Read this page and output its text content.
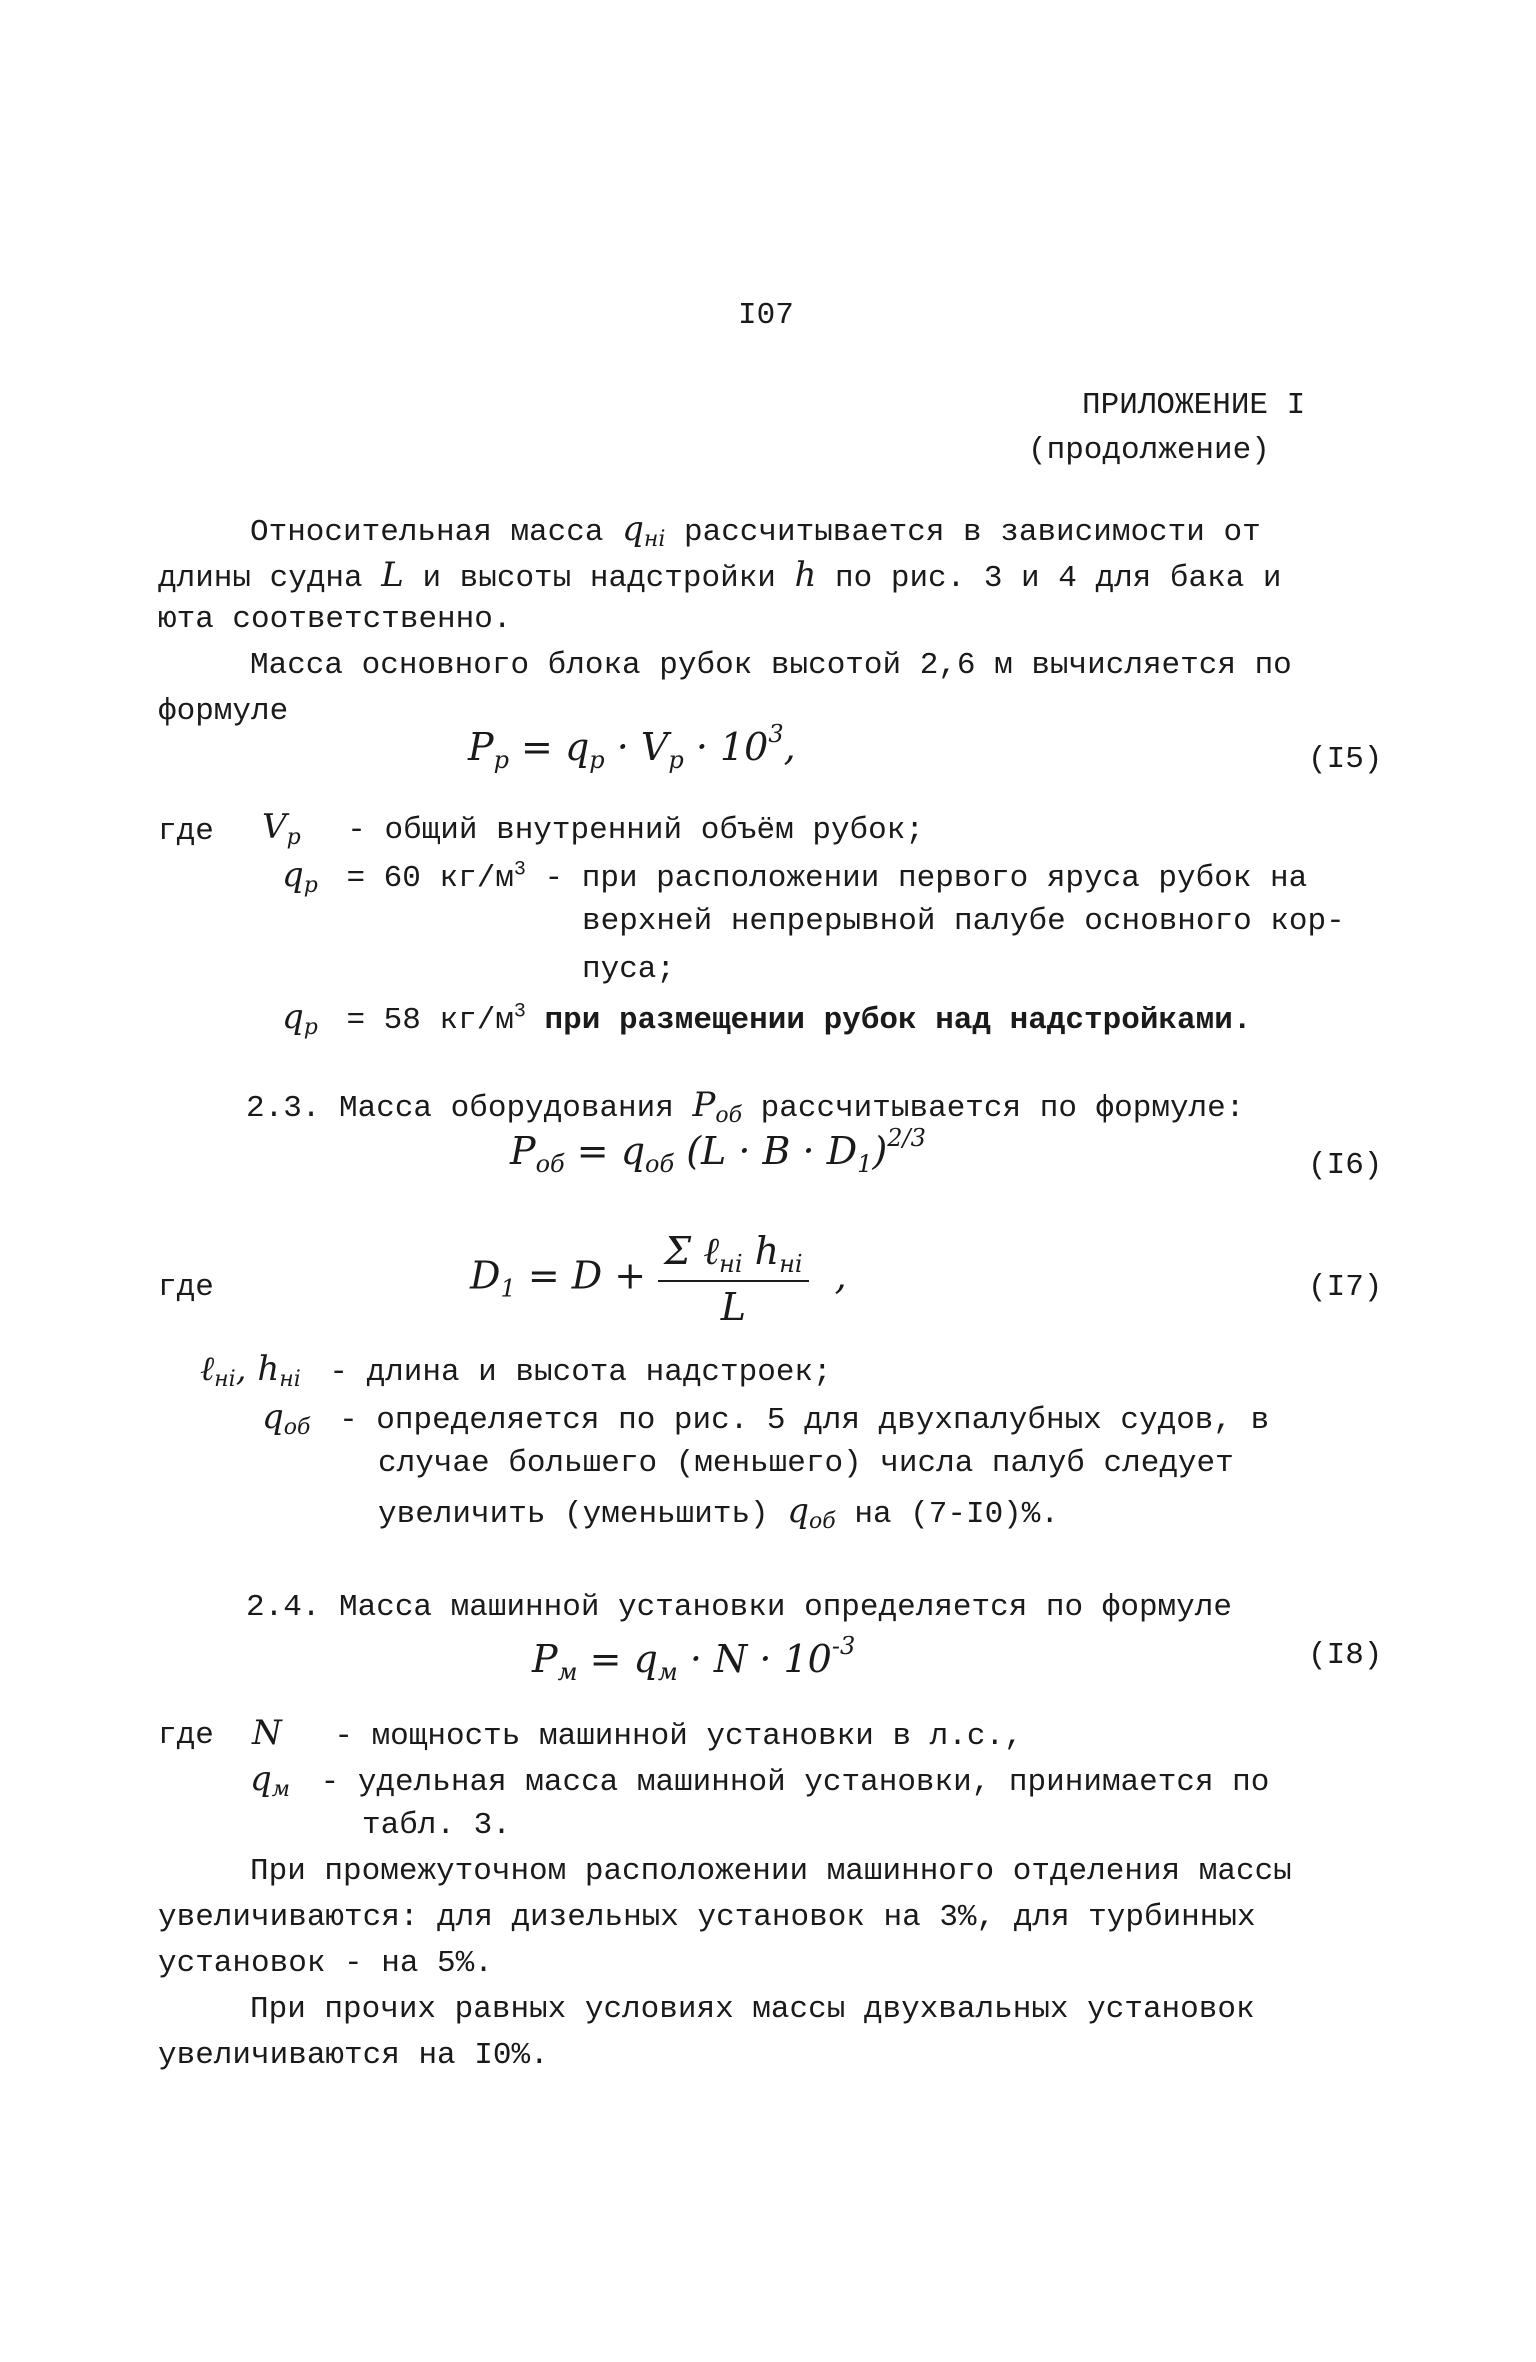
I07
ПРИЛОЖЕНИЕ I
(продолжение)
Относительная масса $q_{нi}$ рассчитывается в зависимости от
длины судна L и высоты надстройки h по рис. 3 и 4 для бака и
юта соответственно.
Масса основного блока рубок высотой 2,6 м вычисляется по
формуле
$P_р = q_р \cdot V_р \cdot 10^3$,	(I5)
где $V_р$ - общий внутренний объём рубок;
$q_р = 60$ $кг/м^3$ - при расположении первого яруса рубок на
верхней непрерывной палубе основного кор-
пуса;
$q_р = 58$ $кг/м^3$ при размещении рубок над надстройками.
2.3. Масса оборудования $P_{об}$ рассчитывается по формуле:
$P_{об} = q_{об}$ $(L \cdot B \cdot D_1)^{2/3}$
(I6)
где	$D_1 = D + \frac{\Sigma \ell_{нi} h_{нi}}{L}$ ,	(I7)
ℓ$_{нi}$, $h_{нi}$ - длина и высота надстроек;
$q_{об}$ - определяется по рис. 5 для двухпалубных судов, в
случае большего (меньшего) числа палуб следует
увеличить (уменьшить) $q_{об}$ на (7-I0)%.
2.4. Масса машинной установки определяется по формуле
$P_м = q_м \cdot N \cdot 10^{-3}$	(I8)
где N - мощность машинной установки в л.с.,
$q_м$ - удельная масса машинной установки, принимается по
табл. 3.
При промежуточном расположении машинного отделения массы
увеличиваются: для дизельных установок на 3%, для турбинных
установок - на 5%.
При прочих равных условиях массы двухвальных установок
увеличиваются на I0%.
